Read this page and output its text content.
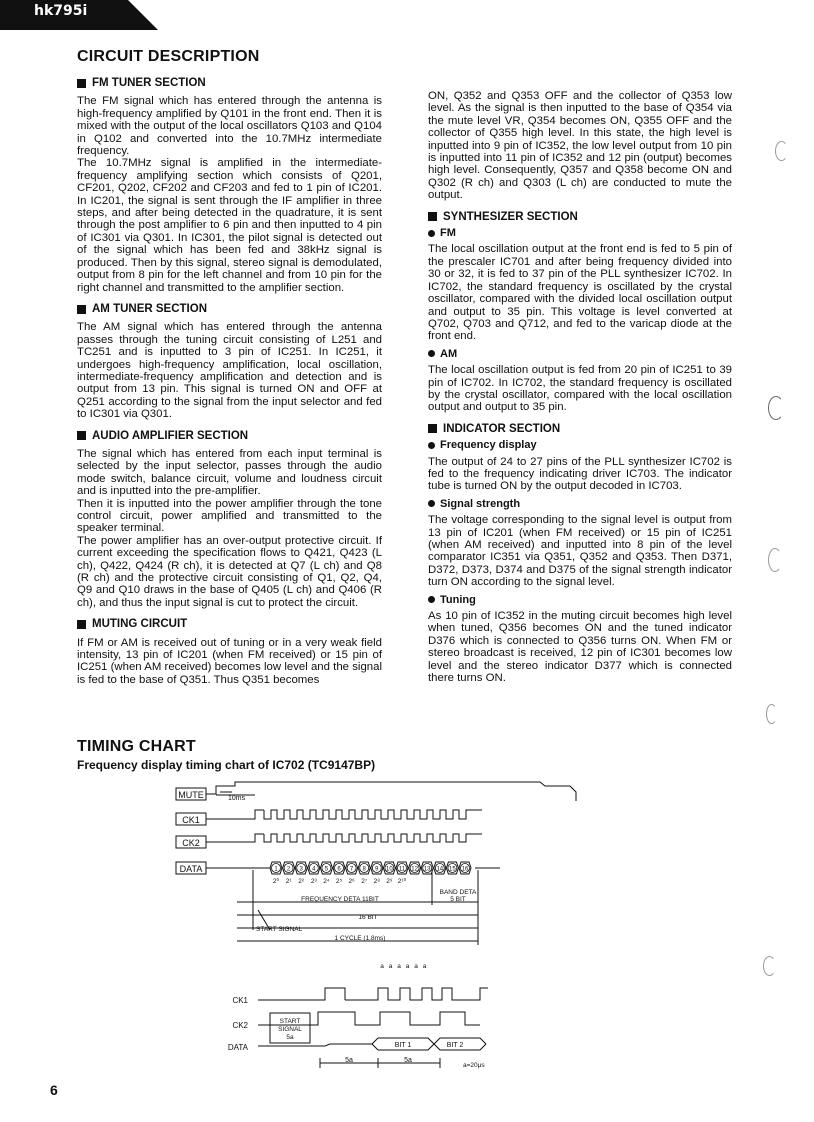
hk795i
CIRCUIT DESCRIPTION
FM TUNER SECTION

The FM signal which has entered through the antenna is high-frequency amplified by Q101 in the front end. Then it is mixed with the output of the local oscillators Q103 and Q104 in Q102 and converted into the 10.7MHz intermediate frequency.

The 10.7MHz signal is amplified in the intermediate-frequency amplifying section which consists of Q201, CF201, Q202, CF202 and CF203 and fed to 1 pin of IC201. In IC201, the signal is sent through the IF amplifier in three steps, and after being detected in the quadrature, it is sent through the post amplifier to 6 pin and then inputted to 4 pin of IC301 via Q301. In IC301, the pilot signal is detected out of the signal which has been fed and 38kHz signal is produced. Then by this signal, stereo signal is demodulated, output from 8 pin for the left channel and from 10 pin for the right channel and transmitted to the amplifier section.

AM TUNER SECTION

The AM signal which has entered through the antenna passes through the tuning circuit consisting of L251 and TC251 and is inputted to 3 pin of IC251. In IC251, it undergoes high-frequency amplification, local oscillation, intermediate-frequency amplification and detection and is output from 13 pin. This signal is turned ON and OFF at Q251 according to the signal from the input selector and fed to IC301 via Q301.

AUDIO AMPLIFIER SECTION

The signal which has entered from each input terminal is selected by the input selector, passes through the audio mode switch, balance circuit, volume and loudness circuit and is inputted into the pre-amplifier.

Then it is inputted into the power amplifier through the tone control circuit, power amplified and transmitted to the speaker terminal.

The power amplifier has an over-output protective circuit. If current exceeding the specification flows to Q421, Q423 (L ch), Q422, Q424 (R ch), it is detected at Q7 (L ch) and Q8 (R ch) and the protective circuit consisting of Q1, Q2, Q4, Q9 and Q10 draws in the base of Q405 (L ch) and Q406 (R ch), and thus the input signal is cut to protect the circuit.

MUTING CIRCUIT

If FM or AM is received out of tuning or in a very weak field intensity, 13 pin of IC201 (when FM received) or 15 pin of IC251 (when AM received) becomes low level and the signal is fed to the base of Q351. Thus Q351 becomes

ON, Q352 and Q353 OFF and the collector of Q353 low level. As the signal is then inputted to the base of Q354 via the mute level VR, Q354 becomes ON, Q355 OFF and the collector of Q355 high level. In this state, the high level is inputted into 9 pin of IC352, the low level output from 10 pin is inputted into 11 pin of IC352 and 12 pin (output) becomes high level. Consequently, Q357 and Q358 become ON and Q302 (R ch) and Q303 (L ch) are conducted to mute the output.

SYNTHESIZER SECTION
FM

The local oscillation output at the front end is fed to 5 pin of the prescaler IC701 and after being frequency divided into 30 or 32, it is fed to 37 pin of the PLL synthesizer IC702. In IC702, the standard frequency is oscillated by the crystal oscillator, compared with the divided local oscillation output and output to 35 pin. This voltage is level converted at Q702, Q703 and Q712, and fed to the varicap diode at the front end.

AM

The local oscillation output is fed from 20 pin of IC251 to 39 pin of IC702. In IC702, the standard frequency is oscillated by the crystal oscillator, compared with the local oscillation output and output to 35 pin.

INDICATOR SECTION
Frequency display

The output of 24 to 27 pins of the PLL synthesizer IC702 is fed to the frequency indicating driver IC703. The indicator tube is turned ON by the output decoded in IC703.

Signal strength

The voltage corresponding to the signal level is output from 13 pin of IC201 (when FM received) or 15 pin of IC251 (when AM received) and inputted into 8 pin of the level comparator IC351 via Q351, Q352 and Q353. Then D371, D372, D373, D374 and D375 of the signal strength indicator turn ON according to the signal level.

Tuning

As 10 pin of IC352 in the muting circuit becomes high level when tuned, Q356 becomes ON and the tuned indicator D376 which is connected to Q356 turns ON. When FM or stereo broadcast is received, 12 pin of IC301 becomes low level and the stereo indicator D377 which is connected there turns ON.

TIMING CHART
Frequency display timing chart of IC702 (TC9147BP)
1 2 3 4 5 6 7 8 9 10 11 12 13 14 15 16
2⁰ 2¹ 2² 2³ 2⁴ 2⁵ 2⁶ 2⁷ 2⁸ 2⁹ 2¹⁰
a a a a a a
MUTE
CK1
CK2
DATA
10ms
BAND DETA
5 BIT
FREQUENCY DETA 11BIT
16 BIT
START SIGNAL
1 CYCLE (1.8ms)
CK1
CK2
DATA
START
SIGNAL
5a
BIT 1	BIT 2
5a	5a
a=20μs
6
